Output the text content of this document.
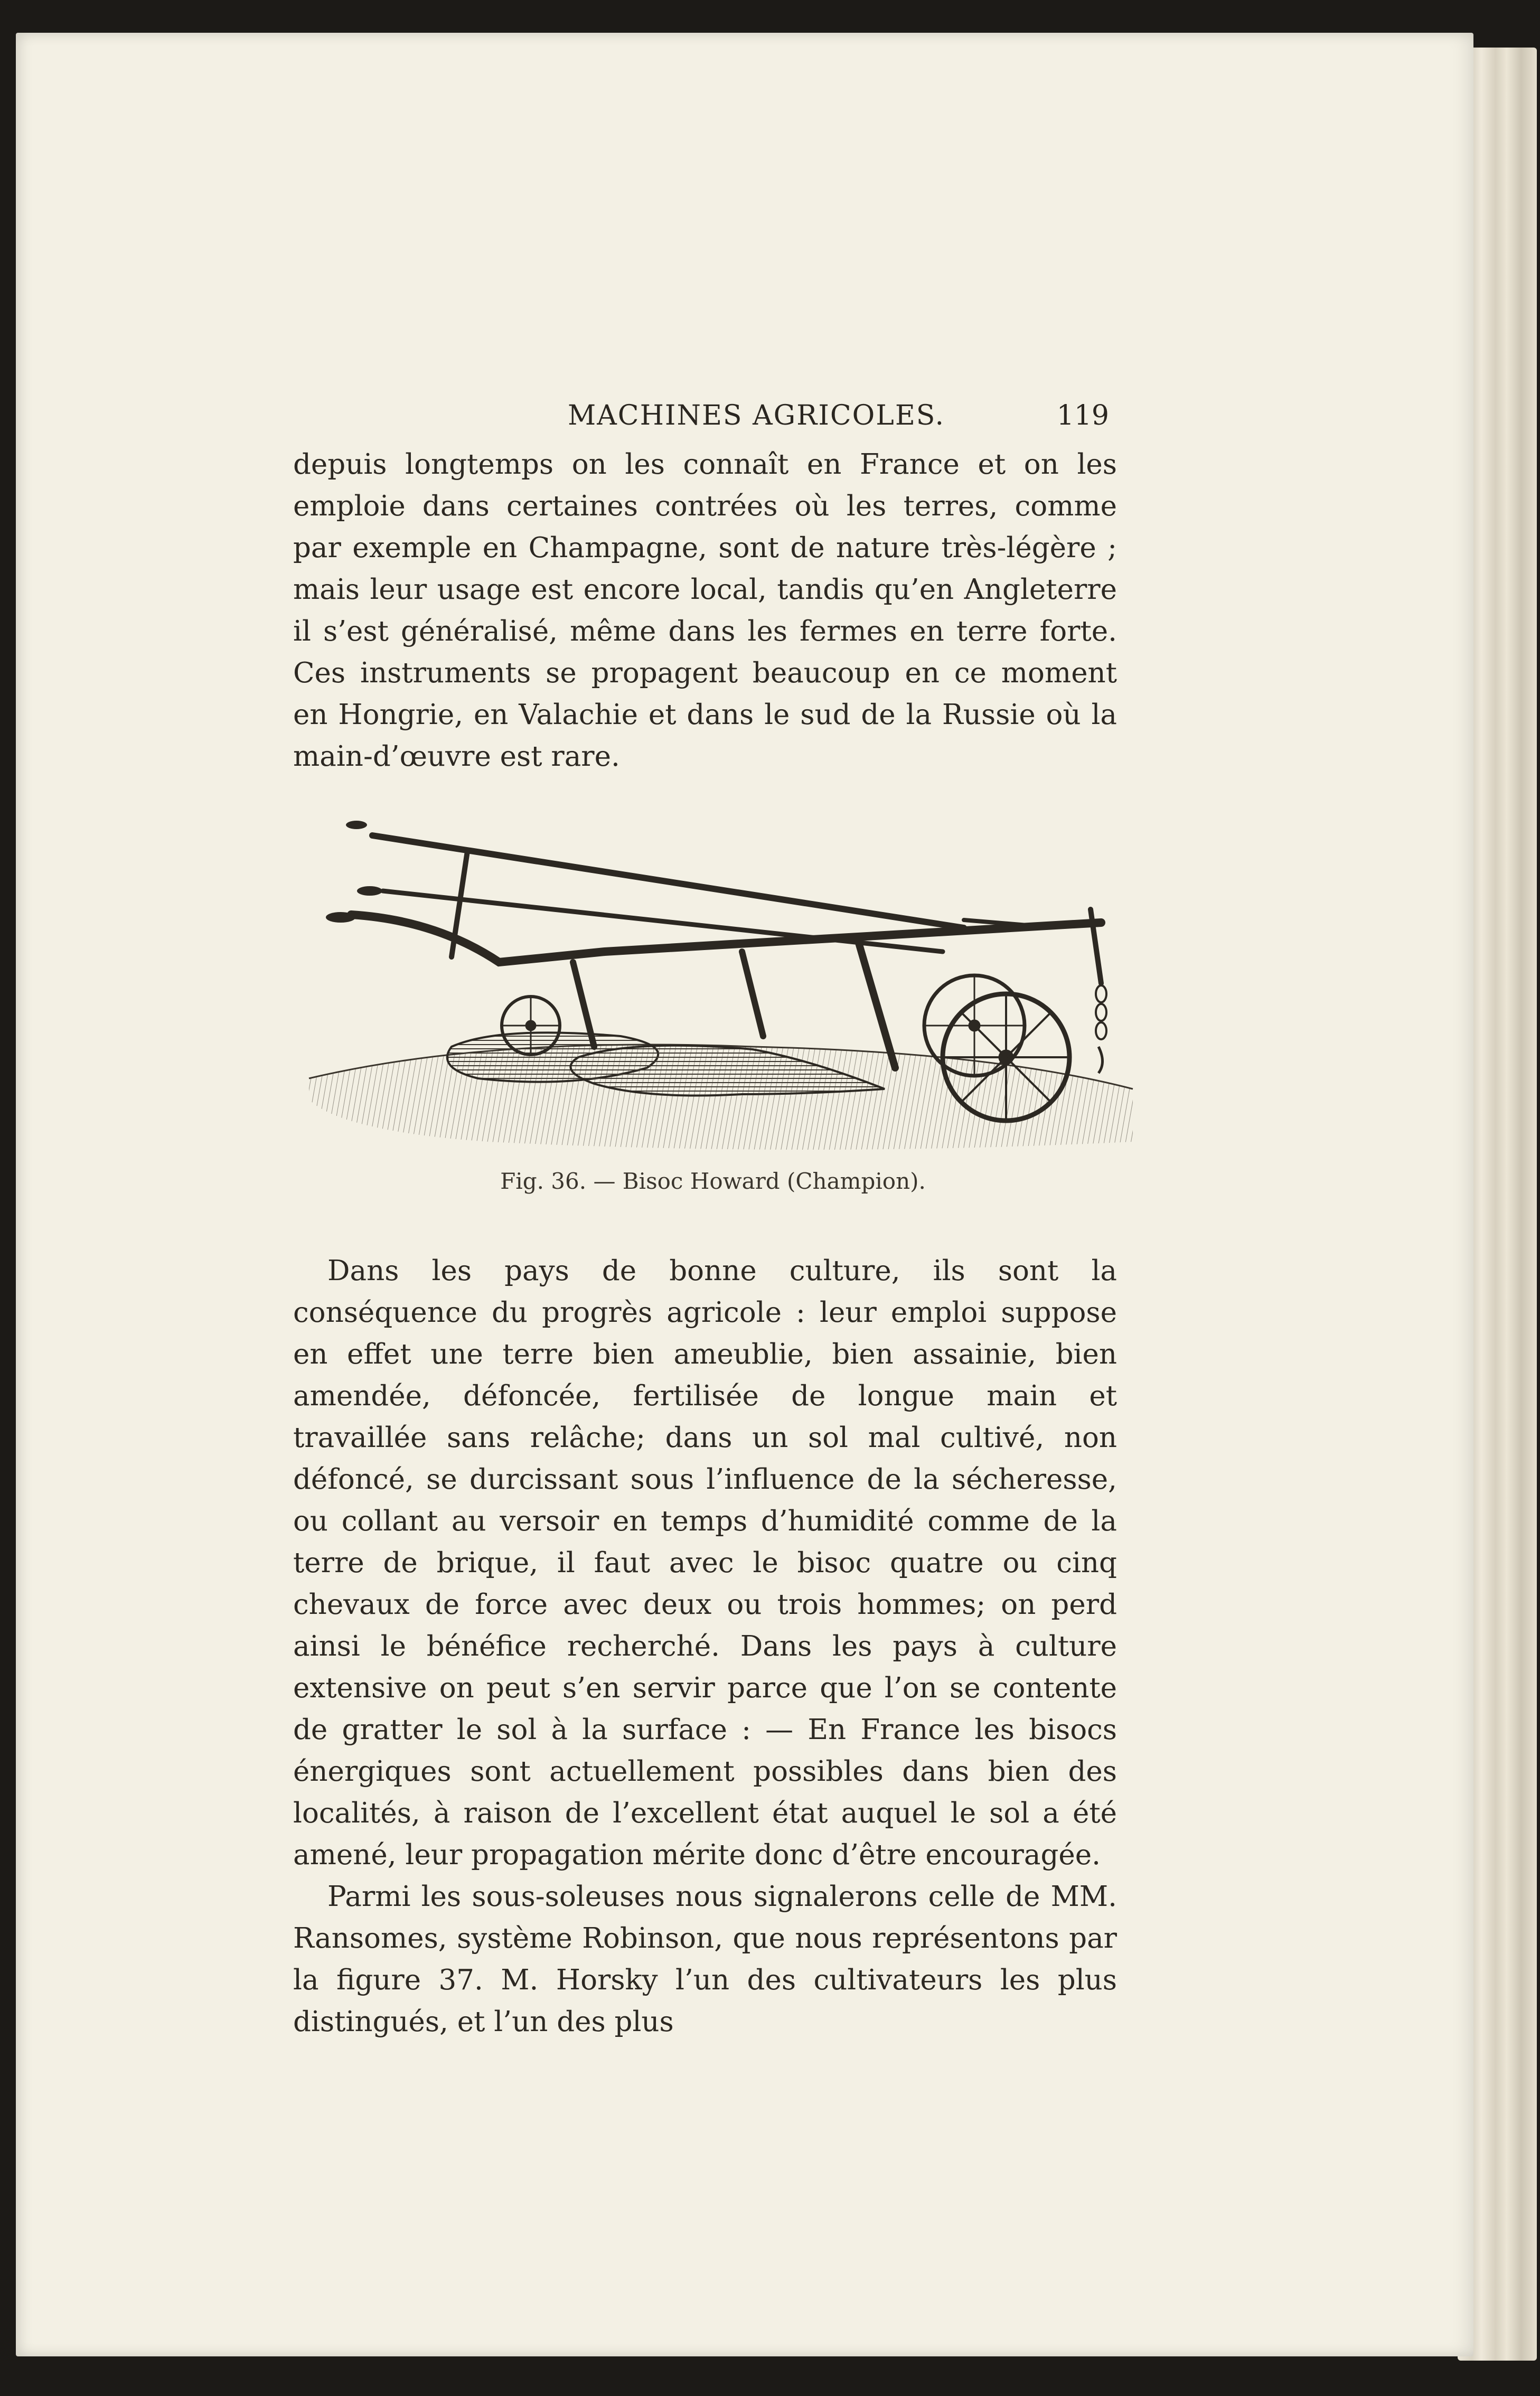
MACHINES AGRICOLES.	119

depuis longtemps on les connaît en France et on les emploie dans certaines contrées où les terres, comme par exemple en Champagne, sont de nature très-légère ; mais leur usage est encore local, tandis qu’en Angleterre il s’est généralisé, même dans les fermes en terre forte. Ces instruments se propagent beaucoup en ce moment en Hongrie, en Valachie et dans le sud de la Russie où la main-d’œuvre est rare.

Fig. 36. — Bisoc Howard (Champion).

Dans les pays de bonne culture, ils sont la conséquence du progrès agricole : leur emploi suppose en effet une terre bien ameublie, bien assainie, bien amendée, défoncée, fertilisée de longue main et travaillée sans relâche; dans un sol mal cultivé, non défoncé, se durcissant sous l’influence de la sécheresse, ou collant au versoir en temps d’humidité comme de la terre de brique, il faut avec le bisoc quatre ou cinq chevaux de force avec deux ou trois hommes; on perd ainsi le bénéfice recherché. Dans les pays à culture extensive on peut s’en servir parce que l’on se contente de gratter le sol à la surface : — En France les bisocs énergiques sont actuellement possibles dans bien des localités, à raison de l’excellent état auquel le sol a été amené, leur propagation mérite donc d’être encouragée.

Parmi les sous-soleuses nous signalerons celle de MM. Ransomes, système Robinson, que nous représentons par la figure 37. M. Horsky l’un des cultivateurs les plus distingués, et l’un des plus
